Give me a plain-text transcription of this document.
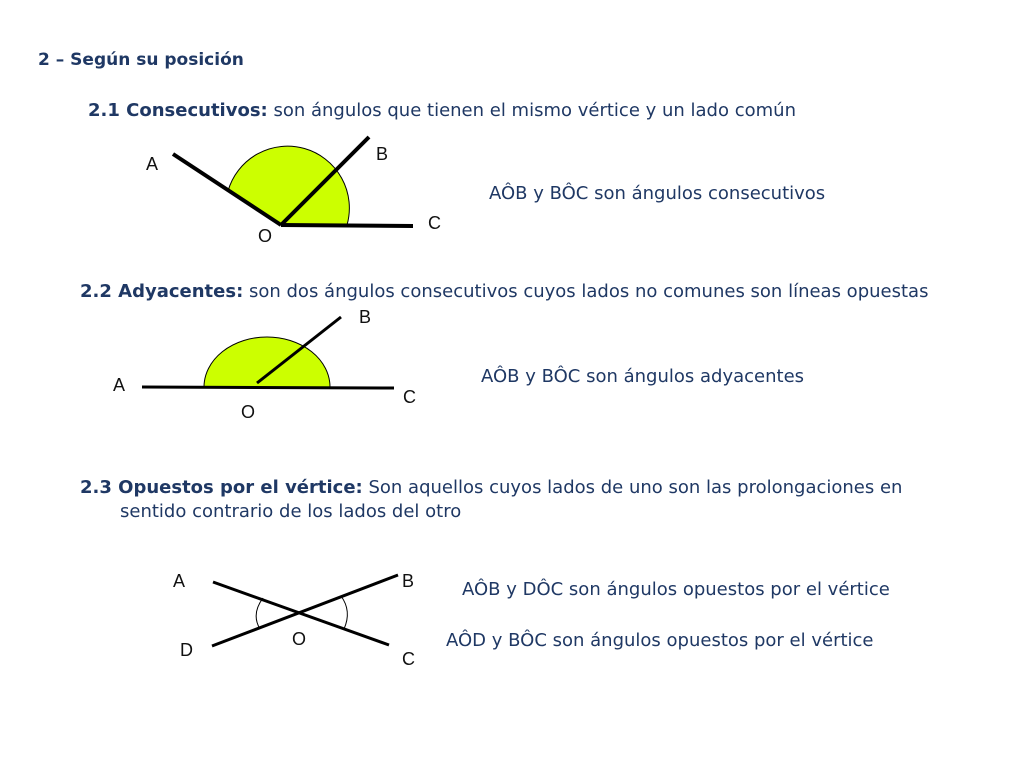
2 – Según su posición
2.1 Consecutivos: son ángulos que tienen el mismo vértice y un lado común
A	B
C
O
AÔB y BÔC son ángulos consecutivos
2.2 Adyacentes: son dos ángulos consecutivos cuyos lados no comunes son líneas opuestas
A
B
C
O
AÔB y BÔC son ángulos adyacentes
2.3 Opuestos por el vértice: Son aquellos cuyos lados de uno son las prolongaciones en
sentido contrario de los lados del otro
A	B
C
D
O
AÔB y DÔC son ángulos opuestos por el vértice
AÔD y BÔC son ángulos opuestos por el vértice
